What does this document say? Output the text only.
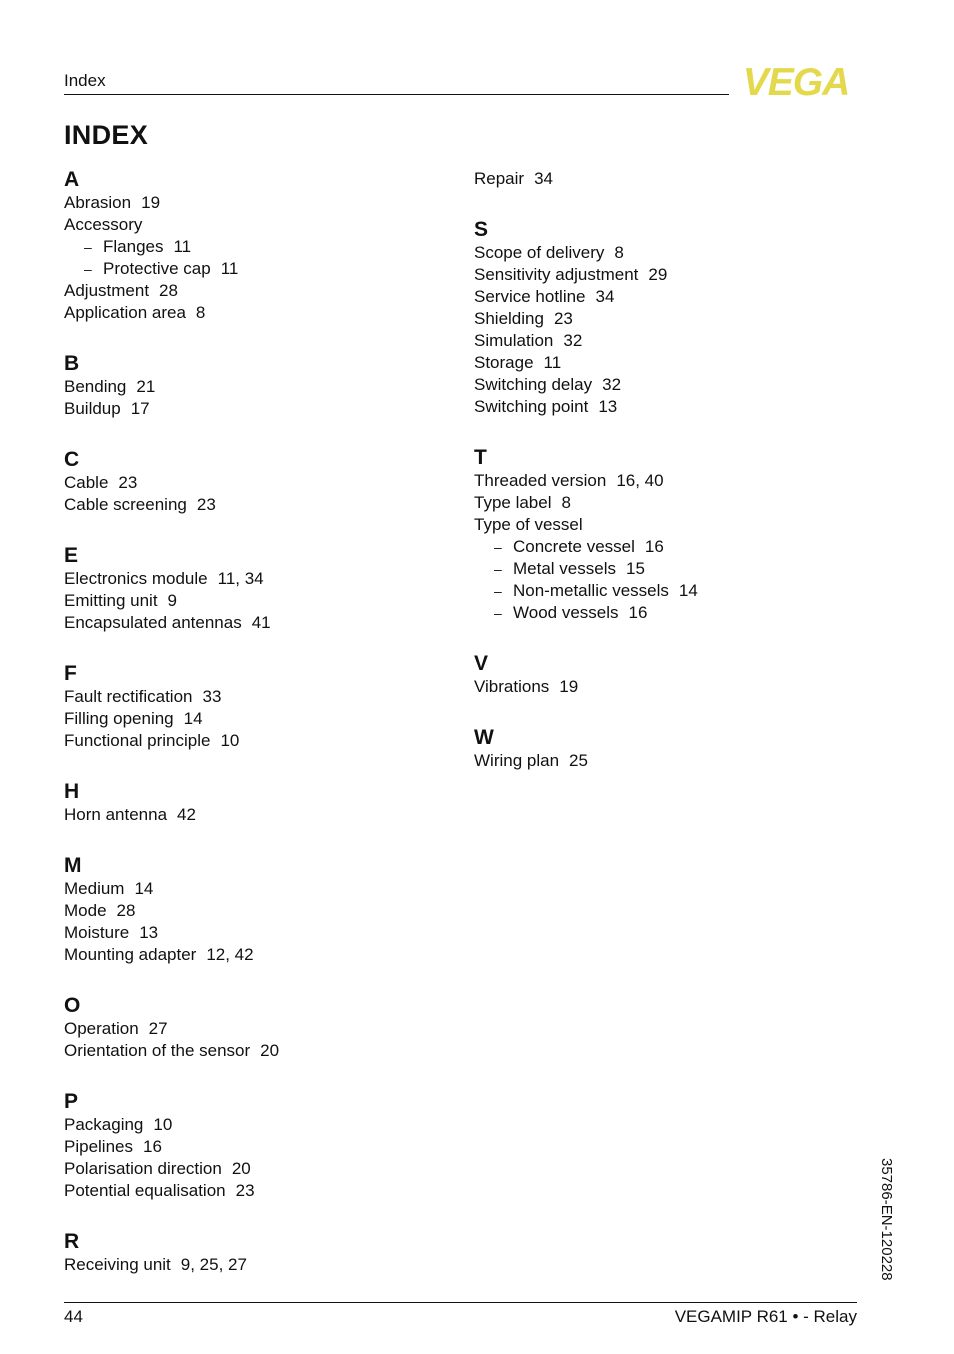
Index	VEGA
INDEX
A
Abrasion 19
Accessory
– Flanges 11
– Protective cap 11
Adjustment 28
Application area 8
B
Bending 21
Buildup 17
C
Cable 23
Cable screening 23
E
Electronics module 11, 34
Emitting unit 9
Encapsulated antennas 41
F
Fault rectification 33
Filling opening 14
Functional principle 10
H
Horn antenna 42
M
Medium 14
Mode 28
Moisture 13
Mounting adapter 12, 42
O
Operation 27
Orientation of the sensor 20
P
Packaging 10
Pipelines 16
Polarisation direction 20
Potential equalisation 23
R
Receiving unit 9, 25, 27
Repair 34
S
Scope of delivery 8
Sensitivity adjustment 29
Service hotline 34
Shielding 23
Simulation 32
Storage 11
Switching delay 32
Switching point 13
T
Threaded version 16, 40
Type label 8
Type of vessel
– Concrete vessel 16
– Metal vessels 15
– Non-metallic vessels 14
– Wood vessels 16
V
Vibrations 19
W
Wiring plan 25
44	VEGAMIP R61 • - Relay
35786-EN-120228
